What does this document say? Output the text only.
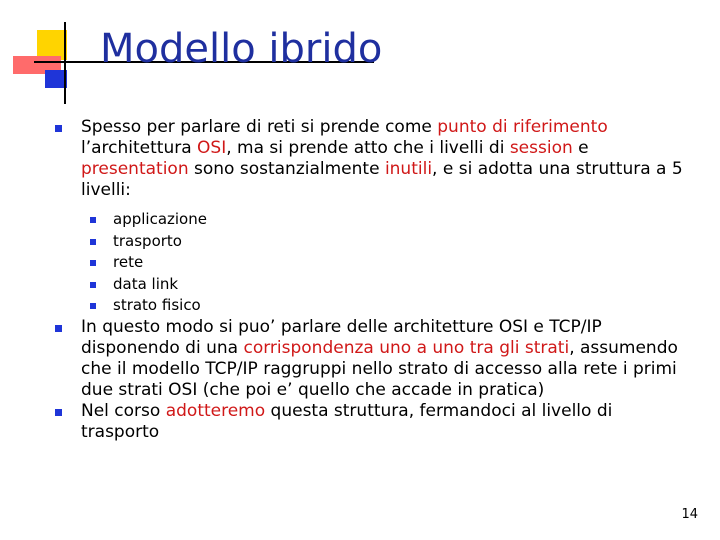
Modello ibrido
Spesso per parlare di reti si prende come punto di riferimento l’architettura OSI, ma si prende atto che i livelli di session e presentation sono sostanzialmente inutili, e si adotta una struttura a 5 livelli:
applicazione
trasporto
rete
data link
strato fisico
In questo modo si puo’ parlare delle architetture OSI e TCP/IP disponendo di una corrispondenza uno a uno tra gli strati, assumendo che il modello TCP/IP raggruppi nello strato di accesso alla rete i primi due strati OSI (che poi e’ quello che accade in pratica)
Nel corso adotteremo questa struttura, fermandoci al livello di trasporto
14
